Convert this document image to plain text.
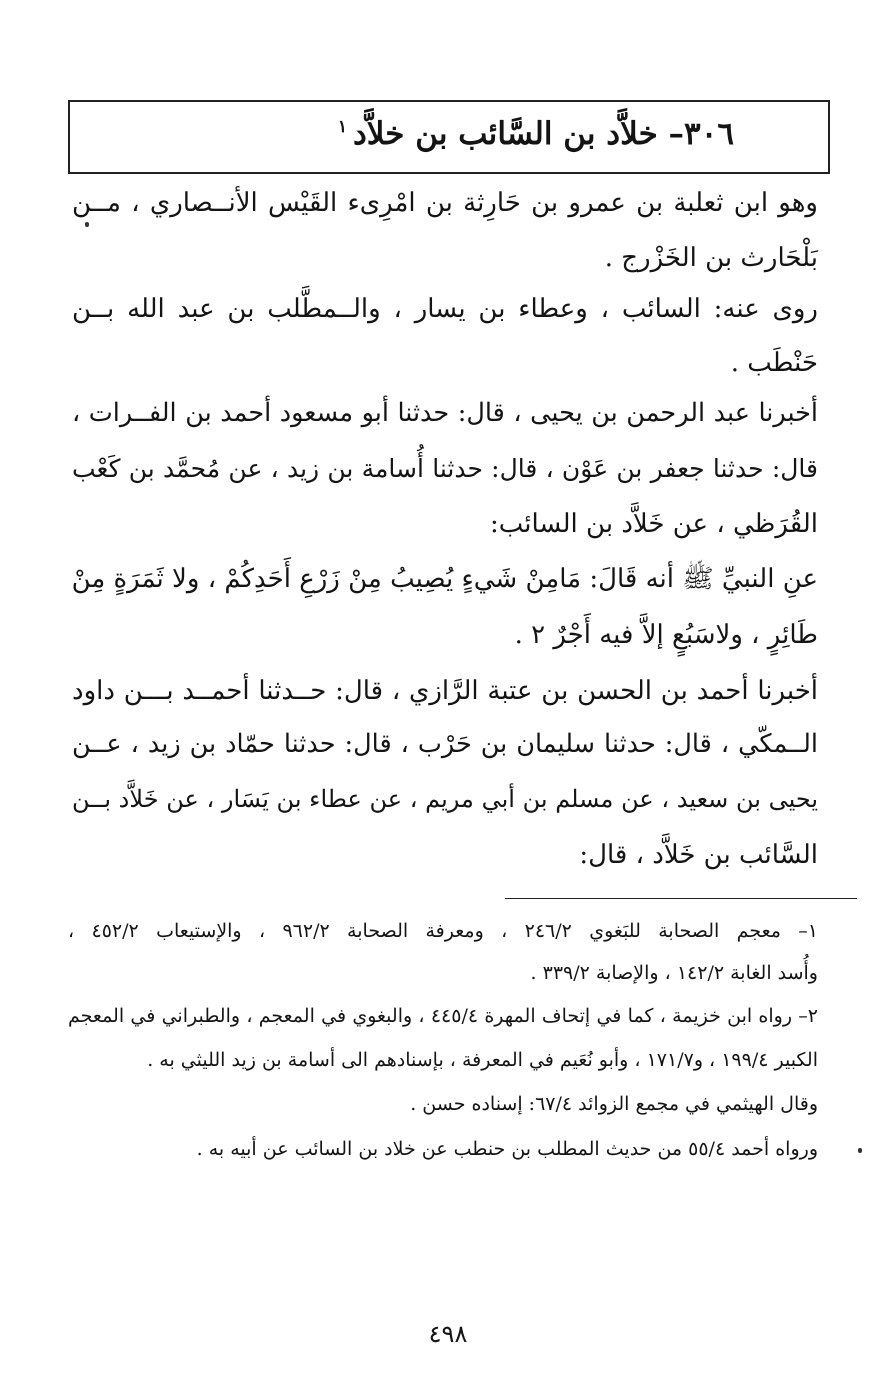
٣٠٦– خلاَّد بن السَّائب بن خلاَّد$^١$
وهو ابن ثعلبة بن عمرو بن حَارِثة بن امْرِىء القَيْس الأنــصاري ، مــن
بَلْحَارث بن الخَزْرج .
روى عنه: السائب ، وعطاء بن يسار ، والــمطَّلب بن عبد الله بــن
حَنْطَب .
أخبرنا عبد الرحمن بن يحيى ، قال: حدثنا أبو مسعود أحمد بن الفــرات ،
قال: حدثنا جعفر بن عَوْن ، قال: حدثنا أُسامة بن زيد ، عن مُحمَّد بن كَعْب
القُرَظي ، عن خَلاَّد بن السائب:
عنِ النبيِّ ﷺ أنه قَالَ: مَامِنْ شَيءٍ يُصِيبُ مِنْ زَرْعِ أَحَدِكُمْ ، ولا ثَمَرَةٍ مِنْ
طَائِرٍ ، ولاسَبُعٍ إلاَّ فيه أَجْرٌ ٢ .
أخبرنا أحمد بن الحسن بن عتبة الرَّازي ، قال: حــدثنا أحمــد بـــن داود
الــمكّي ، قال: حدثنا سليمان بن حَرْب ، قال: حدثنا حمّاد بن زيد ، عــن
يحيى بن سعيد ، عن مسلم بن أبي مريم ، عن عطاء بن يَسَار ، عن خَلاَّد بــن
السَّائب بن خَلاَّد ، قال:
١– معجم الصحابة للبَغوي ٢٤٦/٢ ، ومعرفة الصحابة ٩٦٢/٢ ، والإستيعاب ٤٥٢/٢ ،
وأُسد الغابة ١٤٢/٢ ، والإصابة ٣٣٩/٢ .
٢– رواه ابن خزيمة ، كما في إتحاف المهرة ٤٤٥/٤ ، والبغوي في المعجم ، والطبراني في المعجم
الكبير ١٩٩/٤ ، و١٧١/٧ ، وأبو نُعَيم في المعرفة ، بإسنادهم الى أسامة بن زيد الليثي به .
وقال الهيثمي في مجمع الزوائد ٦٧/٤: إسناده حسن .
ورواه أحمد ٥٥/٤ من حديث المطلب بن حنطب عن خلاد بن السائب عن أبيه به .
٤٩٨
